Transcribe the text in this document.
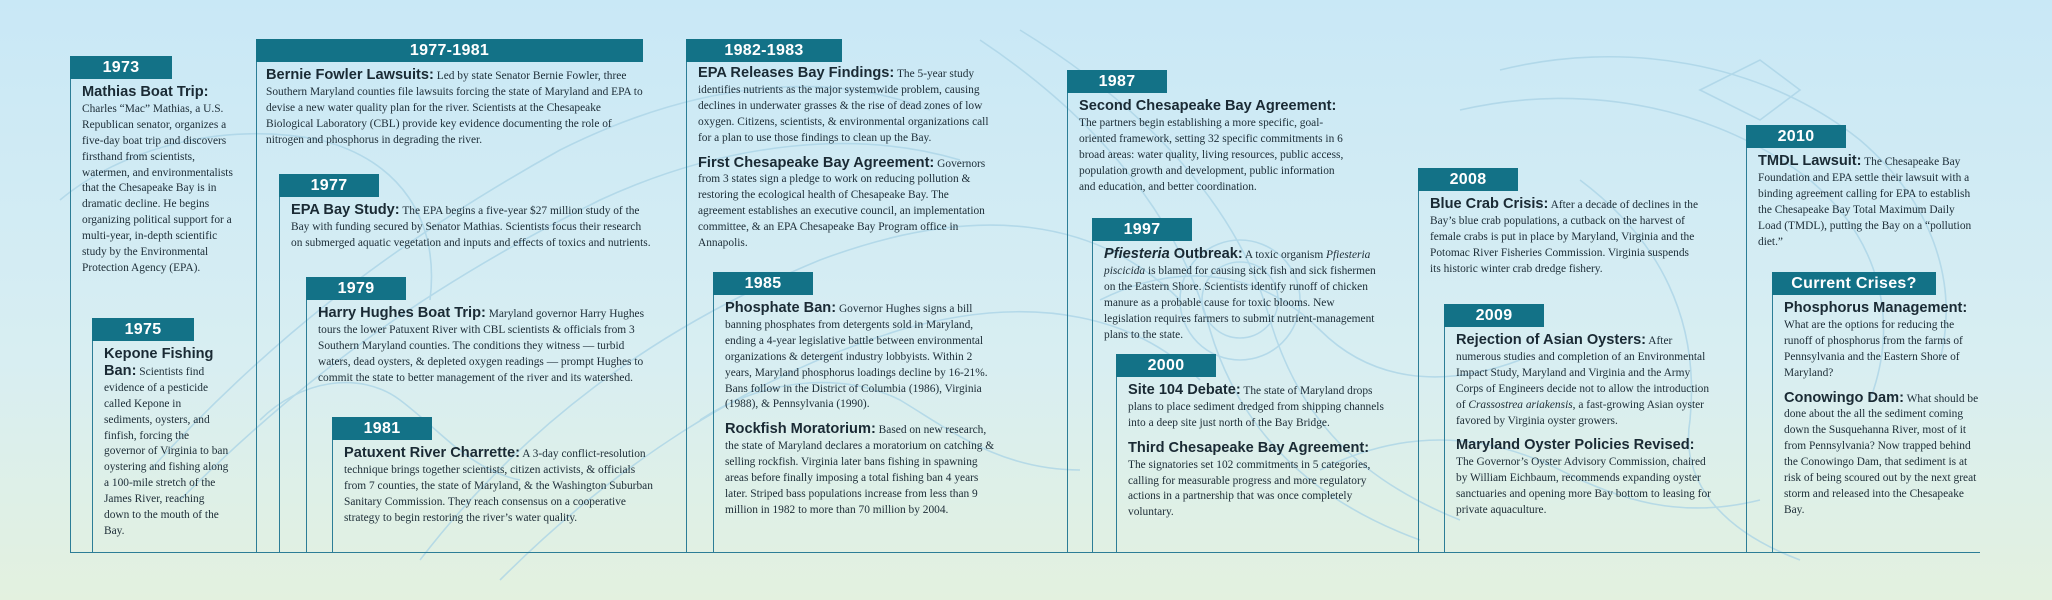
1973

Mathias Boat Trip: Charles “Mac” Mathias, a U.S. Republican senator, organizes a five-day boat trip and discovers firsthand from scientists, watermen, and environmentalists that the Chesapeake Bay is in dramatic decline. He begins organizing political support for a multi-year, in-depth scientific study by the Environmental Protection Agency (EPA).

1975

Kepone Fishing Ban: Scientists find evidence of a pesticide called Kepone in sediments, oysters, and finfish, forcing the governor of Virginia to ban oystering and fishing along a 100-mile stretch of the James River, reaching down to the mouth of the Bay.

1977-1981

Bernie Fowler Lawsuits: Led by state Senator Bernie Fowler, three Southern Maryland counties file lawsuits forcing the state of Maryland and EPA to devise a new water quality plan for the river. Scientists at the Chesapeake Biological Laboratory (CBL) provide key evidence documenting the role of nitrogen and phosphorus in degrading the river.

1977

EPA Bay Study: The EPA begins a five-year $27 million study of the Bay with funding secured by Senator Mathias. Scientists focus their research on submerged aquatic vegetation and inputs and effects of toxics and nutrients.

1979

Harry Hughes Boat Trip: Maryland governor Harry Hughes tours the lower Patuxent River with CBL scientists & officials from 3 Southern Maryland counties. The conditions they witness — turbid waters, dead oysters, & depleted oxygen readings — prompt Hughes to commit the state to better management of the river and its watershed.

1981

Patuxent River Charrette: A 3-day conflict-resolution technique brings together scientists, citizen activists, & officials from 7 counties, the state of Maryland, & the Washington Suburban Sanitary Commission. They reach consensus on a cooperative strategy to begin restoring the river’s water quality.

1982-1983

EPA Releases Bay Findings: The 5-year study identifies nutrients as the major systemwide problem, causing declines in underwater grasses & the rise of dead zones of low oxygen. Citizens, scientists, & environmental organizations call for a plan to use those findings to clean up the Bay.

First Chesapeake Bay Agreement: Governors from 3 states sign a pledge to work on reducing pollution & restoring the ecological health of Chesapeake Bay. The agreement establishes an executive council, an implementation committee, & an EPA Chesapeake Bay Program office in Annapolis.

1985

Phosphate Ban: Governor Hughes signs a bill banning phosphates from detergents sold in Maryland, ending a 4-year legislative battle between environmental organizations & detergent industry lobbyists. Within 2 years, Maryland phosphorus loadings decline by 16-21%. Bans follow in the District of Columbia (1986), Virginia (1988), & Pennsylvania (1990).

Rockfish Moratorium: Based on new research, the state of Maryland declares a moratorium on catching & selling rockfish. Virginia later bans fishing in spawning areas before finally imposing a total fishing ban 4 years later. Striped bass populations increase from less than 9 million in 1982 to more than 70 million by 2004.

1987

Second Chesapeake Bay Agreement:
The partners begin establishing a more specific, goal-oriented framework, setting 32 specific commitments in 6 broad areas: water quality, living resources, public access, population growth and development, public information and education, and better coordination.

1997

Pfiesteria Outbreak: A toxic organism Pfiesteria piscicida is blamed for causing sick fish and sick fishermen on the Eastern Shore. Scientists identify runoff of chicken manure as a probable cause for toxic blooms. New legislation requires farmers to submit nutrient-management plans to the state.

2000

Site 104 Debate: The state of Maryland drops plans to place sediment dredged from shipping channels into a deep site just north of the Bay Bridge.

Third Chesapeake Bay Agreement:
The signatories set 102 commitments in 5 categories, calling for measurable progress and more regulatory actions in a partnership that was once completely voluntary.

2008

Blue Crab Crisis: After a decade of declines in the Bay’s blue crab populations, a cutback on the harvest of female crabs is put in place by Maryland, Virginia and the Potomac River Fisheries Commission. Virginia suspends its historic winter crab dredge fishery.

2009

Rejection of Asian Oysters: After numerous studies and completion of an Environmental Impact Study, Maryland and Virginia and the Army Corps of Engineers decide not to allow the introduction of Crassostrea ariakensis, a fast-growing Asian oyster favored by Virginia oyster growers.

Maryland Oyster Policies Revised:
The Governor’s Oyster Advisory Commission, chaired by William Eichbaum, recommends expanding oyster sanctuaries and opening more Bay bottom to leasing for private aquaculture.

2010

TMDL Lawsuit: The Chesapeake Bay Foundation and EPA settle their lawsuit with a binding agreement calling for EPA to establish the Chesapeake Bay Total Maximum Daily Load (TMDL), putting the Bay on a “pollution diet.”

Current Crises?

Phosphorus Management:
What are the options for reducing the runoff of phosphorus from the farms of Pennsylvania and the Eastern Shore of Maryland?

Conowingo Dam: What should be done about the all the sediment coming down the Susquehanna River, most of it from Pennsylvania? Now trapped behind the Conowingo Dam, that sediment is at risk of being scoured out by the next great storm and released into the Chesapeake Bay.
